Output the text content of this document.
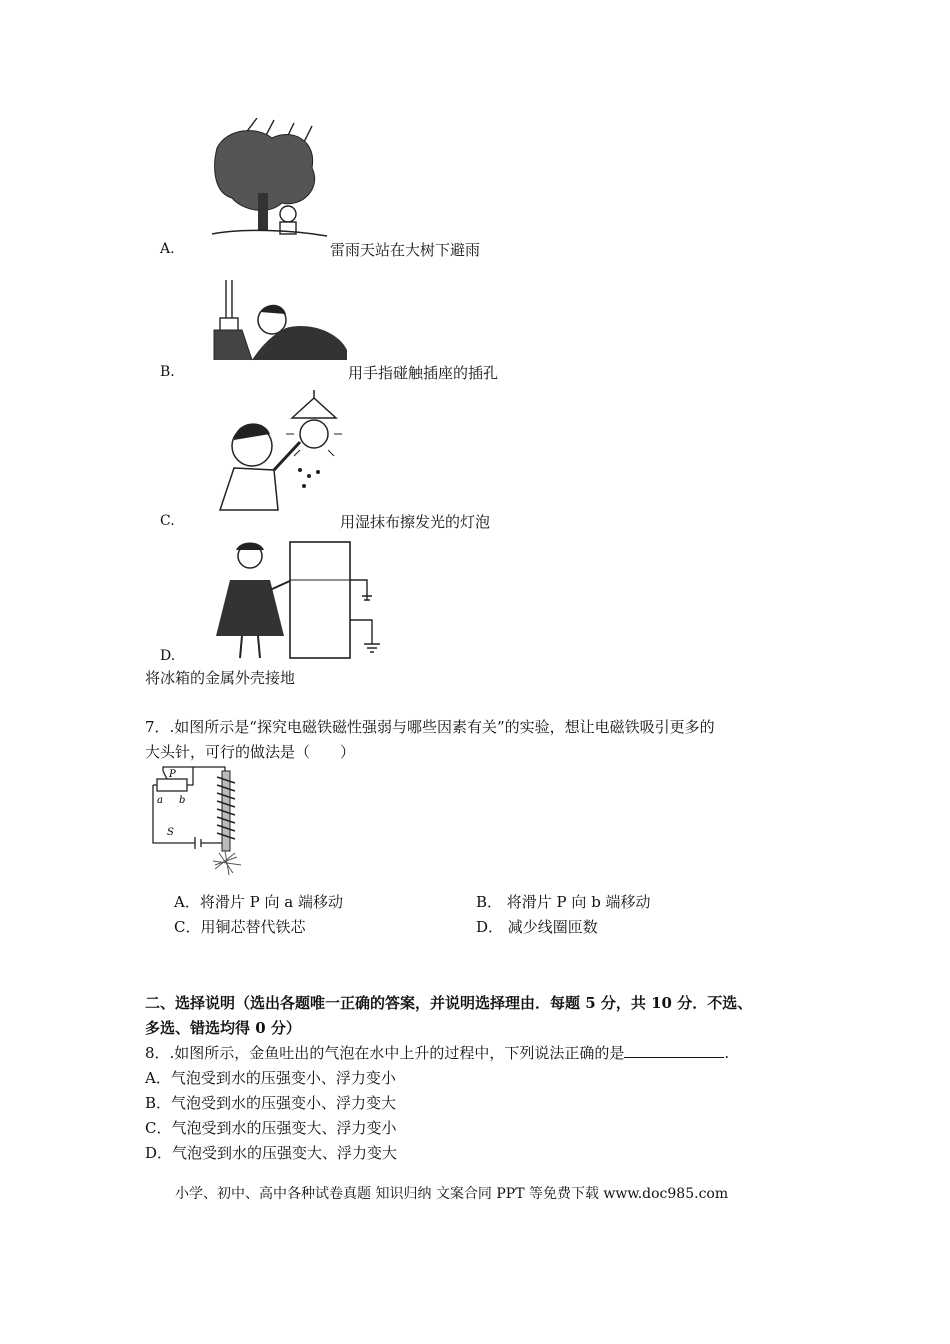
A.	雷雨天站在大树下避雨
B.	用手指碰触插座的插孔
C.	用湿抹布擦发光的灯泡
D.
将冰箱的金属外壳接地
7．.如图所示是“探究电磁铁磁性强弱与哪些因素有关”的实验，想让电磁铁吸引更多的
大头针，可行的做法是（　　）
P
a b
S
A．将滑片 P 向 a 端移动	B． 将滑片 P 向 b 端移动
C．用铜芯替代铁芯	D． 减少线圈匝数
二、选择说明（选出各题唯一正确的答案，并说明选择理由．每题 5 分，共 10 分．不选、
多选、错选均得 0 分）
8．.如图所示，金鱼吐出的气泡在水中上升的过程中，下列说法正确的是	.
A．气泡受到水的压强变小、浮力变小
B．气泡受到水的压强变小、浮力变大
C．气泡受到水的压强变大、浮力变小
D．气泡受到水的压强变大、浮力变大
小学、初中、高中各种试卷真题 知识归纳 文案合同 PPT 等免费下载 www.doc985.com
